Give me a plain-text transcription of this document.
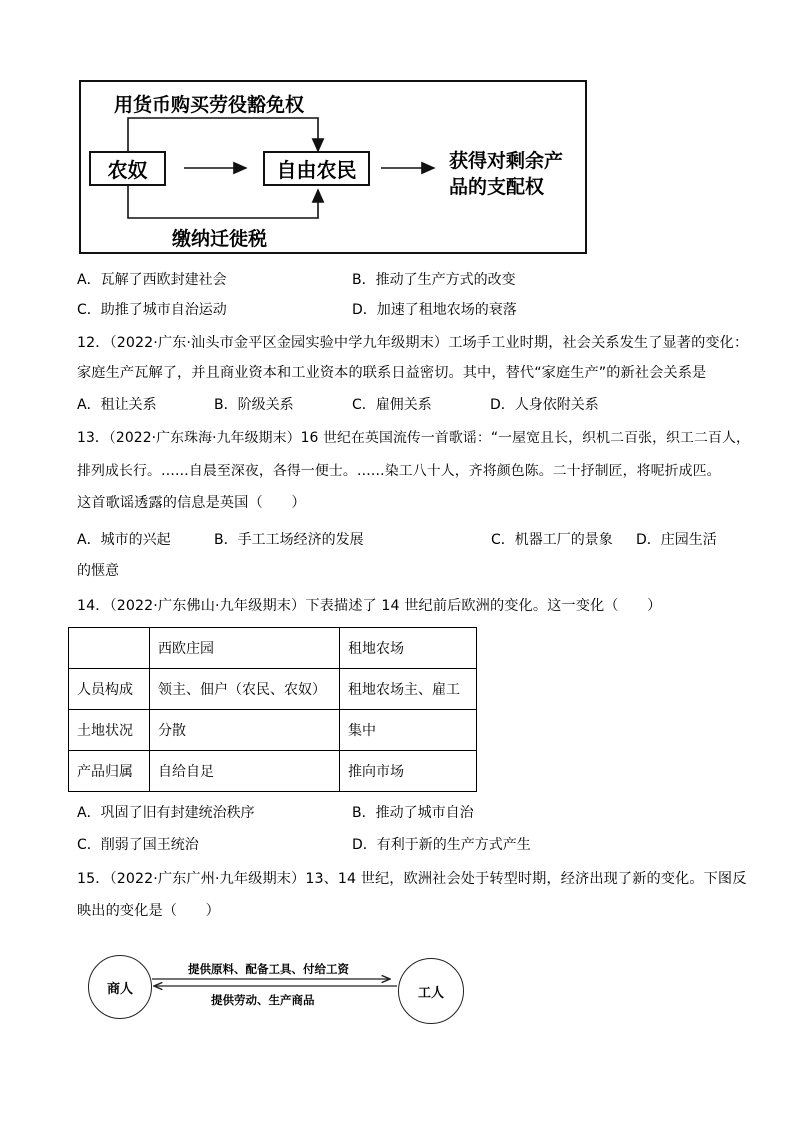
农奴	自由农民
用货币购买劳役豁免权
缴纳迁徙税
获得对剩余产
品的支配权
A．瓦解了西欧封建社会	B．推动了生产方式的改变
C．助推了城市自治运动	D．加速了租地农场的衰落
12．（2022·广东·汕头市金平区金园实验中学九年级期末）工场手工业时期，社会关系发生了显著的变化：
家庭生产瓦解了，并且商业资本和工业资本的联系日益密切。其中，替代“家庭生产”的新社会关系是
A．租让关系	B．阶级关系	C．雇佣关系	D．人身依附关系
13．（2022·广东珠海·九年级期末）16 世纪在英国流传一首歌谣：“一屋宽且长，织机二百张，织工二百人，
排列成长行。……自晨至深夜，各得一便士。……染工八十人，齐将颜色陈。二十抒制匠，将呢折成匹。
这首歌谣透露的信息是英国（　　）
A．城市的兴起	B．手工工场经济的发展	C．机器工厂的景象 D．庄园生活
的惬意
14．（2022·广东佛山·九年级期末）下表描述了 14 世纪前后欧洲的变化。这一变化（　　）
	西欧庄园	租地农场
人员构成	领主、佃户（农民、农奴）	租地农场主、雇工
土地状况	分散	集中
产品归属	自给自足	推向市场
A．巩固了旧有封建统治秩序	B．推动了城市自治
C．削弱了国王统治	D．有利于新的生产方式产生
15．（2022·广东广州·九年级期末）13、14 世纪，欧洲社会处于转型时期，经济出现了新的变化。下图反
映出的变化是（　　）
商人	工人
提供原料、配备工具、付给工资
提供劳动、生产商品
